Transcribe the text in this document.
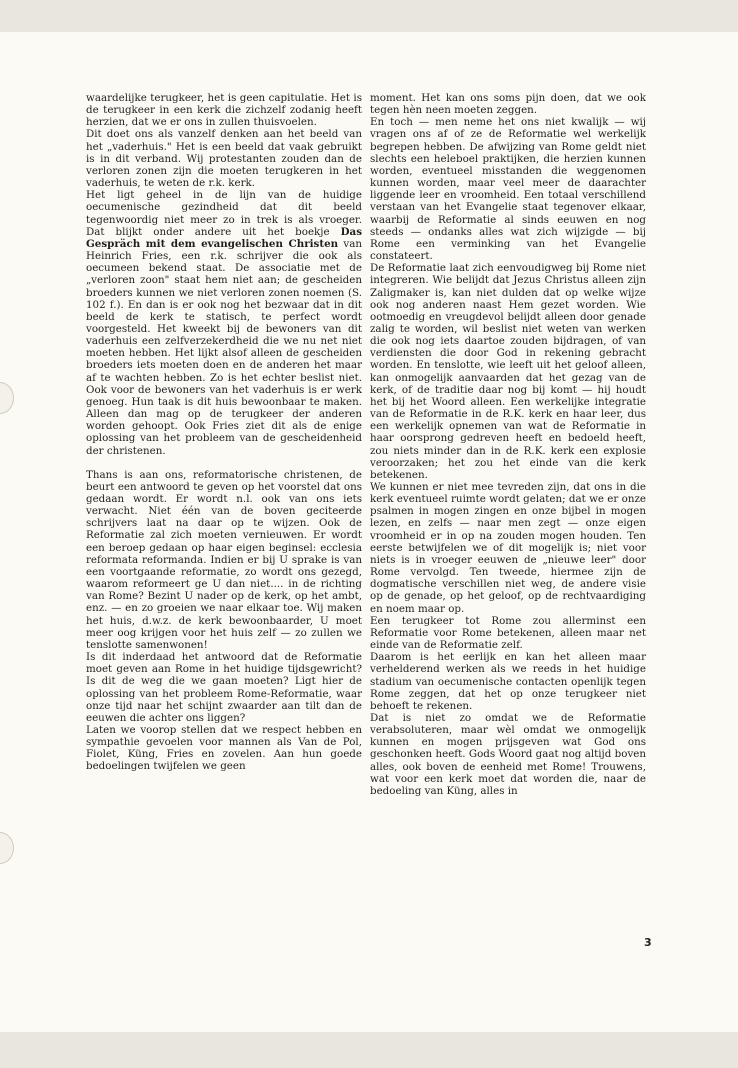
waardelijke terugkeer, het is geen capitulatie. Het is de terugkeer in een kerk die zichzelf zodanig heeft herzien, dat we er ons in zullen thuisvoelen.

Dit doet ons als vanzelf denken aan het beeld van het „vaderhuis." Het is een beeld dat vaak gebruikt is in dit verband. Wij protestanten zouden dan de verloren zonen zijn die moeten terugkeren in het vaderhuis, te weten de r.k. kerk.

Het ligt geheel in de lijn van de huidige oecumenische gezindheid dat dit beeld tegenwoordig niet meer zo in trek is als vroeger. Dat blijkt onder andere uit het boekje Das Gespräch mit dem evangelischen Christen van Heinrich Fries, een r.k. schrijver die ook als oecumeen bekend staat. De associatie met de „verloren zoon" staat hem niet aan; de gescheiden broeders kunnen we niet verloren zonen noemen (S. 102 f.). En dan is er ook nog het bezwaar dat in dit beeld de kerk te statisch, te perfect wordt voorgesteld. Het kweekt bij de bewoners van dit vaderhuis een zelfverzekerdheid die we nu net niet moeten hebben. Het lijkt alsof alleen de gescheiden broeders iets moeten doen en de anderen het maar af te wachten hebben. Zo is het echter beslist niet. Ook voor de bewoners van het vaderhuis is er werk genoeg. Hun taak is dit huis bewoonbaar te maken. Alleen dan mag op de terugkeer der anderen worden gehoopt. Ook Fries ziet dit als de enige oplossing van het probleem van de gescheidenheid der christenen.

Thans is aan ons, reformatorische christenen, de beurt een antwoord te geven op het voorstel dat ons gedaan wordt. Er wordt n.l. ook van ons iets verwacht. Niet één van de boven geciteerde schrijvers laat na daar op te wijzen. Ook de Reformatie zal zich moeten vernieuwen. Er wordt een beroep gedaan op haar eigen beginsel: ecclesia reformata reformanda. Indien er bij U sprake is van een voortgaande reformatie, zo wordt ons gezegd, waarom reformeert ge U dan niet.... in de richting van Rome? Bezint U nader op de kerk, op het ambt, enz. — en zo groeien we naar elkaar toe. Wij maken het huis, d.w.z. de kerk bewoonbaarder, U moet meer oog krijgen voor het huis zelf — zo zullen we tenslotte samenwonen!

Is dit inderdaad het antwoord dat de Reformatie moet geven aan Rome in het huidige tijdsgewricht? Is dit de weg die we gaan moeten? Ligt hier de oplossing van het probleem Rome-Reformatie, waar onze tijd naar het schijnt zwaarder aan tilt dan de eeuwen die achter ons liggen?

Laten we voorop stellen dat we respect hebben en sympathie gevoelen voor mannen als Van de Pol, Fiolet, Küng, Fries en zovelen. Aan hun goede bedoelingen twijfelen we geen

moment. Het kan ons soms pijn doen, dat we ook tegen hèn neen moeten zeggen.

En toch — men neme het ons niet kwalijk — wij vragen ons af of ze de Reformatie wel werkelijk begrepen hebben. De afwijzing van Rome geldt niet slechts een heleboel praktijken, die herzien kunnen worden, eventueel misstanden die weggenomen kunnen worden, maar veel meer de daarachter liggende leer en vroomheid. Een totaal verschillend verstaan van het Evangelie staat tegenover elkaar, waarbij de Reformatie al sinds eeuwen en nog steeds — ondanks alles wat zich wijzigde — bij Rome een verminking van het Evangelie constateert.

De Reformatie laat zich eenvoudigweg bij Rome niet integreren. Wie belijdt dat Jezus Christus alleen zijn Zaligmaker is, kan niet dulden dat op welke wijze ook nog anderen naast Hem gezet worden. Wie ootmoedig en vreugdevol belijdt alleen door genade zalig te worden, wil beslist niet weten van werken die ook nog iets daartoe zouden bijdragen, of van verdiensten die door God in rekening gebracht worden. En tenslotte, wie leeft uit het geloof alleen, kan onmogelijk aanvaarden dat het gezag van de kerk, of de traditie daar nog bij komt — hij houdt het bij het Woord alleen. Een werkelijke integratie van de Reformatie in de R.K. kerk en haar leer, dus een werkelijk opnemen van wat de Reformatie in haar oorsprong gedreven heeft en bedoeld heeft, zou niets minder dan in de R.K. kerk een explosie veroorzaken; het zou het einde van die kerk betekenen.

We kunnen er niet mee tevreden zijn, dat ons in die kerk eventueel ruimte wordt gelaten; dat we er onze psalmen in mogen zingen en onze bijbel in mogen lezen, en zelfs — naar men zegt — onze eigen vroomheid er in op na zouden mogen houden. Ten eerste betwijfelen we of dit mogelijk is; niet voor niets is in vroeger eeuwen de „nieuwe leer" door Rome vervolgd. Ten tweede, hiermee zijn de dogmatische verschillen niet weg, de andere visie op de genade, op het geloof, op de rechtvaardiging en noem maar op.

Een terugkeer tot Rome zou allerminst een Reformatie voor Rome betekenen, alleen maar net einde van de Reformatie zelf.

Daarom is het eerlijk en kan het alleen maar verhelderend werken als we reeds in het huidige stadium van oecumenische contacten openlijk tegen Rome zeggen, dat het op onze terugkeer niet behoeft te rekenen.

Dat is niet zo omdat we de Reformatie verabsoluteren, maar wèl omdat we onmogelijk kunnen en mogen prijsgeven wat God ons geschonken heeft. Gods Woord gaat nog altijd boven alles, ook boven de eenheid met Rome! Trouwens, wat voor een kerk moet dat worden die, naar de bedoeling van Küng, alles in

3
